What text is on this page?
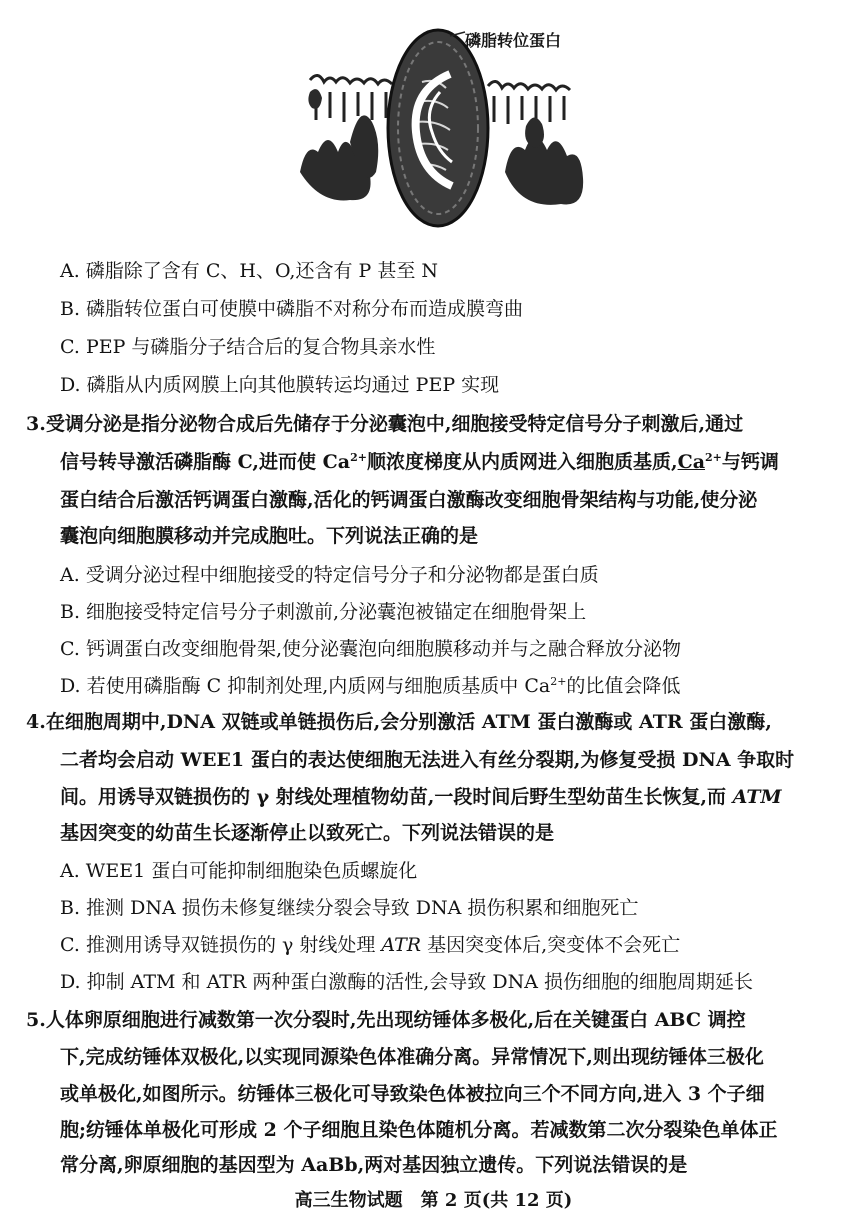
磷脂转位蛋白
A. 磷脂除了含有 C、H、O,还含有 P 甚至 N
B. 磷脂转位蛋白可使膜中磷脂不对称分布而造成膜弯曲
C. PEP 与磷脂分子结合后的复合物具亲水性
D. 磷脂从内质网膜上向其他膜转运均通过 PEP 实现
3.受调分泌是指分泌物合成后先储存于分泌囊泡中,细胞接受特定信号分子刺激后,通过
信号转导激活磷脂酶 C,进而使 $Ca^{2+}$顺浓度梯度从内质网进入细胞质基质$,Ca^{2+}$与钙调
蛋白结合后激活钙调蛋白激酶,活化的钙调蛋白激酶改变细胞骨架结构与功能,使分泌
囊泡向细胞膜移动并完成胞吐。下列说法正确的是
A. 受调分泌过程中细胞接受的特定信号分子和分泌物都是蛋白质
B. 细胞接受特定信号分子刺激前,分泌囊泡被锚定在细胞骨架上
C. 钙调蛋白改变细胞骨架,使分泌囊泡向细胞膜移动并与之融合释放分泌物
D. 若使用磷脂酶 C 抑制剂处理,内质网与细胞质基质中 $Ca^{2+}$的比值会降低
4.在细胞周期中,DNA 双链或单链损伤后,会分别激活 ATM 蛋白激酶或 ATR 蛋白激酶,
二者均会启动 WEE1 蛋白的表达使细胞无法进入有丝分裂期,为修复受损 DNA 争取时
间。用诱导双链损伤的 γ 射线处理植物幼苗,一段时间后野生型幼苗生长恢复,而 ATM
基因突变的幼苗生长逐渐停止以致死亡。下列说法错误的是
A. WEE1 蛋白可能抑制细胞染色质螺旋化
B. 推测 DNA 损伤未修复继续分裂会导致 DNA 损伤积累和细胞死亡
C. 推测用诱导双链损伤的 γ 射线处理 ATR 基因突变体后,突变体不会死亡
D. 抑制 ATM 和 ATR 两种蛋白激酶的活性,会导致 DNA 损伤细胞的细胞周期延长
5.人体卵原细胞进行减数第一次分裂时,先出现纺锤体多极化,后在关键蛋白 ABC 调控
下,完成纺锤体双极化,以实现同源染色体准确分离。异常情况下,则出现纺锤体三极化
或单极化,如图所示。纺锤体三极化可导致染色体被拉向三个不同方向,进入 3 个子细
胞;纺锤体单极化可形成 2 个子细胞且染色体随机分离。若减数第二次分裂染色单体正
常分离,卵原细胞的基因型为 AaBb,两对基因独立遗传。下列说法错误的是
高三生物试题　第 2 页(共 12 页)
